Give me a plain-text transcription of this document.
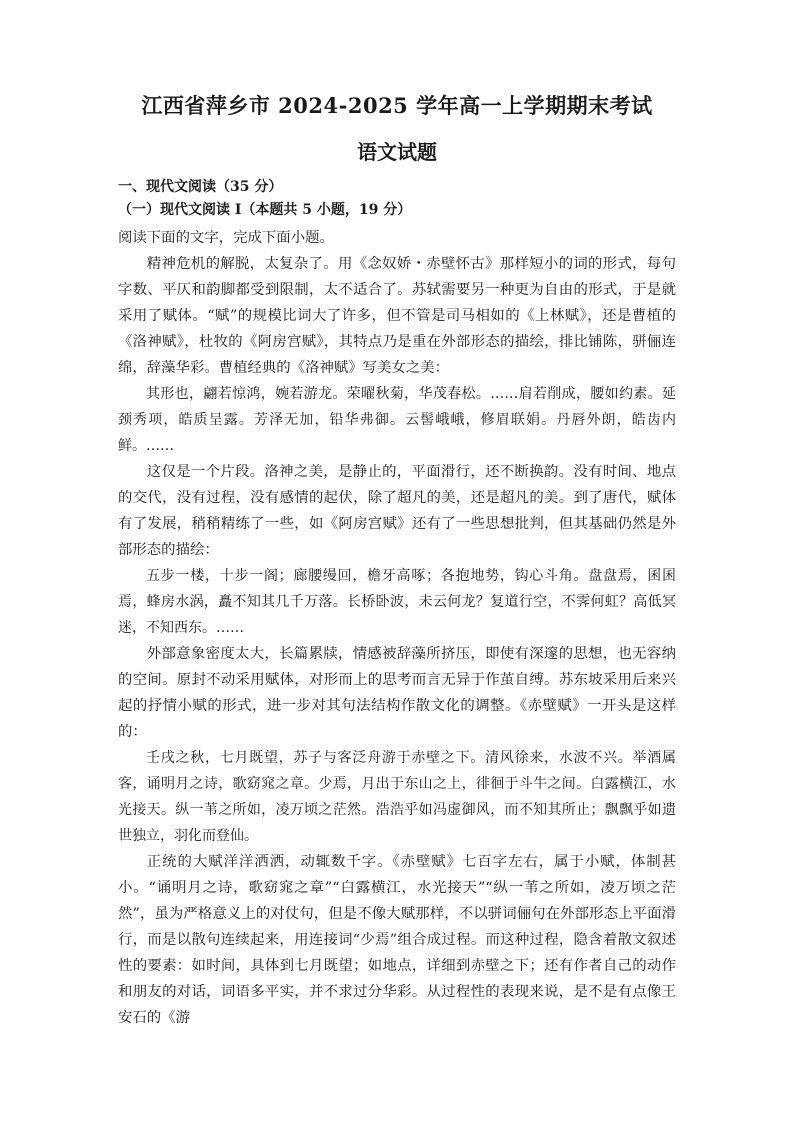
江西省萍乡市 2024-2025 学年高一上学期期末考试
语文试题

一、现代文阅读（35 分）

（一）现代文阅读 I（本题共 5 小题，19 分）

阅读下面的文字，完成下面小题。

精神危机的解脱，太复杂了。用《念奴娇・赤壁怀古》那样短小的词的形式，每句字数、平仄和韵脚都受到限制，太不适合了。苏轼需要另一种更为自由的形式，于是就采用了赋体。“赋”的规模比词大了许多，但不管是司马相如的《上林赋》，还是曹植的《洛神赋》，杜牧的《阿房宫赋》，其特点乃是重在外部形态的描绘，排比铺陈，骈俪连绵，辞藻华彩。曹植经典的《洛神赋》写美女之美：

其形也，翩若惊鸿，婉若游龙。荣曜秋菊，华茂春松。……肩若削成，腰如约素。延颈秀项，皓质呈露。芳泽无加，铅华弗御。云髻峨峨，修眉联娟。丹唇外朗，皓齿内鲜。……

这仅是一个片段。洛神之美，是静止的，平面滑行，还不断换韵。没有时间、地点的交代，没有过程，没有感情的起伏，除了超凡的美，还是超凡的美。到了唐代，赋体有了发展，稍稍精练了一些，如《阿房宫赋》还有了一些思想批判，但其基础仍然是外部形态的描绘：

五步一楼，十步一阁；廊腰缦回，檐牙高啄；各抱地势，钩心斗角。盘盘焉，囷囷焉，蜂房水涡，矗不知其几千万落。长桥卧波，未云何龙？复道行空，不霁何虹？高低冥迷，不知西东。……

外部意象密度太大，长篇累牍，情感被辞藻所挤压，即使有深邃的思想，也无容纳的空间。原封不动采用赋体，对形而上的思考而言无异于作茧自缚。苏东坡采用后来兴起的抒情小赋的形式，进一步对其句法结构作散文化的调整。《赤壁赋》一开头是这样的：

壬戌之秋，七月既望，苏子与客泛舟游于赤壁之下。清风徐来，水波不兴。举酒属客，诵明月之诗，歌窈窕之章。少焉，月出于东山之上，徘徊于斗牛之间。白露横江，水光接天。纵一苇之所如，凌万顷之茫然。浩浩乎如冯虚御风，而不知其所止；飘飘乎如遗世独立，羽化而登仙。

正统的大赋洋洋洒洒，动辄数千字。《赤壁赋》七百字左右，属于小赋，体制甚小。“诵明月之诗，歌窈窕之章”“白露横江，水光接天”“纵一苇之所如，凌万顷之茫然”，虽为严格意义上的对仗句，但是不像大赋那样，不以骈词俪句在外部形态上平面滑行，而是以散句连续起来，用连接词“少焉”组合成过程。而这种过程，隐含着散文叙述性的要素：如时间，具体到七月既望；如地点，详细到赤壁之下；还有作者自己的动作和朋友的对话，词语多平实，并不求过分华彩。从过程性的表现来说，是不是有点像王安石的《游
